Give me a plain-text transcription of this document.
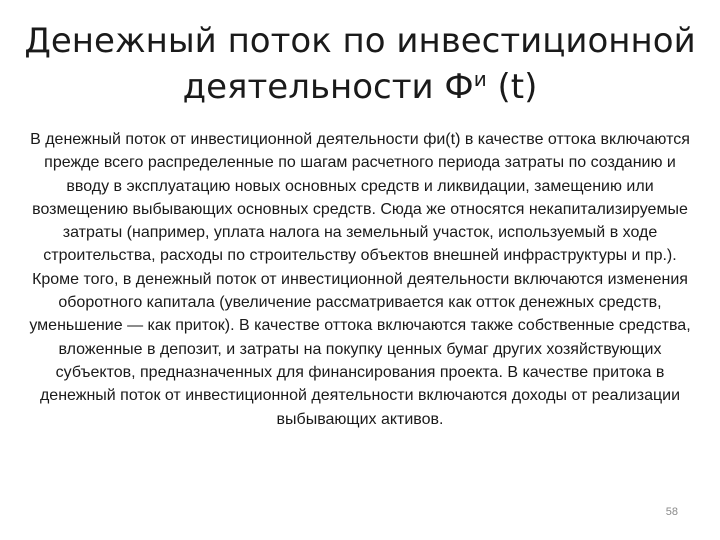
Денежный поток по инвестиционной
деятельности $Ф^и$ (t)

В денежный поток от инвестиционной деятельности фи(t) в качестве оттока включаются прежде всего распределенные по шагам расчетного периода затраты по созданию и вводу в эксплуатацию новых основных средств и ликвидации, замещению или возмещению выбывающих основных средств. Сюда же относятся некапитализируемые затраты (например, уплата налога на земельный участок, используемый в ходе строительства, расходы по строительству объектов внешней инфраструктуры и пр.). Кроме того, в денежный поток от инвестиционной деятельности включаются изменения оборотного капитала (увеличение рассматривается как отток денежных средств, уменьшение — как приток). В качестве оттока включаются также собственные средства, вложенные в депозит, и затраты на покупку ценных бумаг других хозяйствующих субъектов, предназначенных для финансирования проекта. В качестве притока в денежный поток от инвестиционной деятельности включаются доходы от реализации выбывающих активов.

58
